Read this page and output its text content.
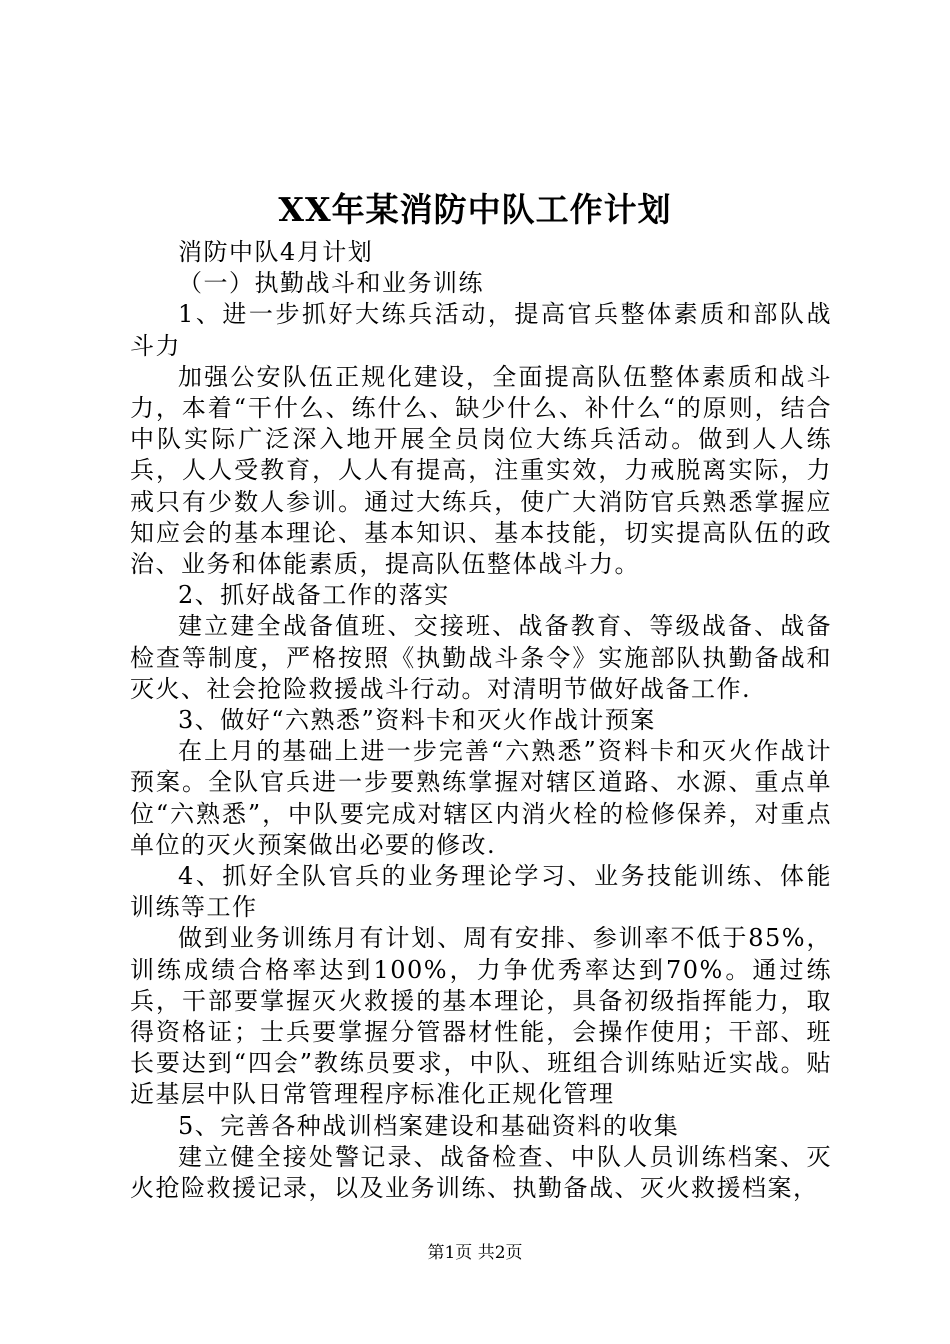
XX年某消防中队工作计划

消防中队4月计划

（一）执勤战斗和业务训练

1、进一步抓好大练兵活动，提高官兵整体素质和部队战斗力

加强公安队伍正规化建设，全面提高队伍整体素质和战斗力，本着“干什么、练什么、缺少什么、补什么“的原则，结合中队实际广泛深入地开展全员岗位大练兵活动。做到人人练兵，人人受教育，人人有提高，注重实效，力戒脱离实际，力戒只有少数人参训。通过大练兵，使广大消防官兵熟悉掌握应知应会的基本理论、基本知识、基本技能，切实提高队伍的政治、业务和体能素质，提高队伍整体战斗力。

2、抓好战备工作的落实

建立建全战备值班、交接班、战备教育、等级战备、战备检查等制度，严格按照《执勤战斗条令》实施部队执勤备战和灭火、社会抢险救援战斗行动。对清明节做好战备工作.

3、做好“六熟悉”资料卡和灭火作战计预案

在上月的基础上进一步完善“六熟悉”资料卡和灭火作战计预案。全队官兵进一步要熟练掌握对辖区道路、水源、重点单位“六熟悉”，中队要完成对辖区内消火栓的检修保养，对重点单位的灭火预案做出必要的修改.

4、抓好全队官兵的业务理论学习、业务技能训练、体能训练等工作

做到业务训练月有计划、周有安排、参训率不低于85%，训练成绩合格率达到100%，力争优秀率达到70%。通过练兵，干部要掌握灭火救援的基本理论，具备初级指挥能力，取得资格证；士兵要掌握分管器材性能，会操作使用；干部、班长要达到“四会”教练员要求，中队、班组合训练贴近实战。贴近基层中队日常管理程序标准化正规化管理

5、完善各种战训档案建设和基础资料的收集

建立健全接处警记录、战备检查、中队人员训练档案、灭火抢险救援记录，以及业务训练、执勤备战、灭火救援档案，

第1页 共2页
